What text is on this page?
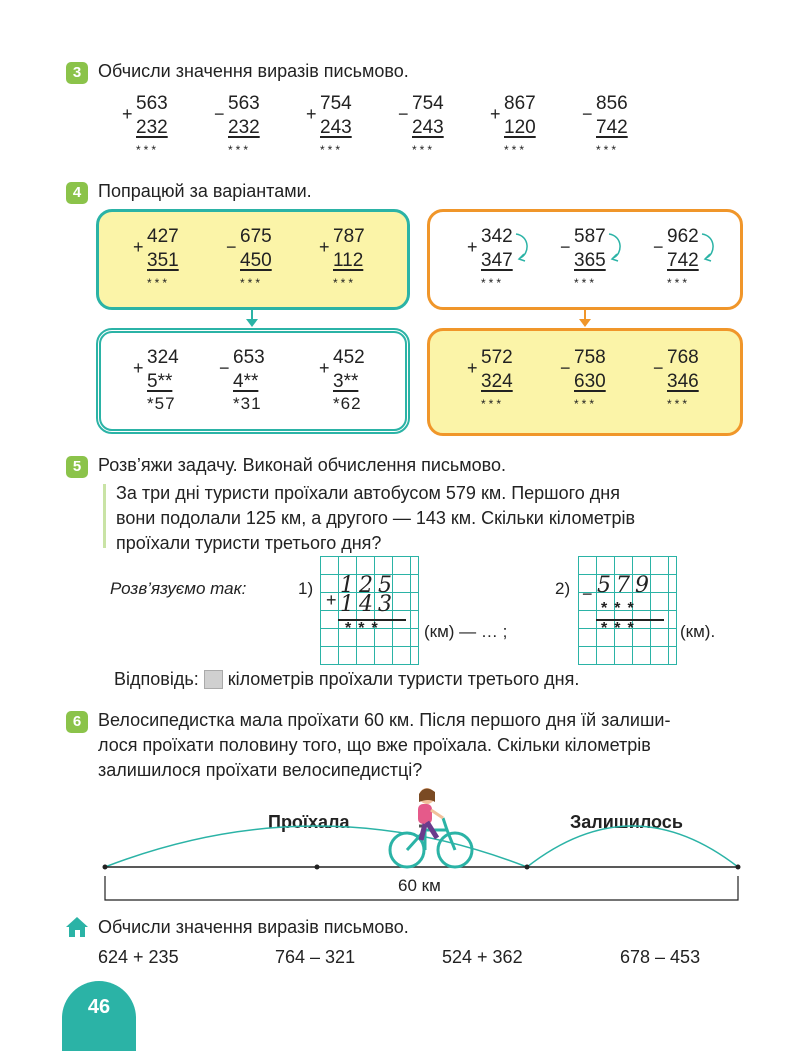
3 Обчисли значення виразів письмово.
+ 563
232
***
− 563
232
***
+ 754
243
***
− 754
243
***
+ 867
120
***
− 856
742
***
4 Попрацюй за варіантами.
+ 427
351
***
− 675
450
***
+ 787
112
***
+ 324
5**
*57
− 653
4**
*31
+ 452
3**
*62
+ 342
347
***
− 587
365
***
− 962
742
***
+ 572
324
***
− 758
630
***
− 768
346
***
5 Розв’яжи задачу. Виконай обчислення письмово.
За три дні туристи проїхали автобусом 579 км. Першого дня
вони подолали 125 км, а другого — 143 км. Скільки кілометрів
проїхали туристи третього дня?
Розв’язуємо так:	1)
+
125
143
*** (км) — … ;
2) − 579
***
*** (км).
Відповідь: кілометрів проїхали туристи третього дня.
6 Велосипедистка мала проїхати 60 км. Після першого дня їй залиши-
лося проїхати половину того, що вже проїхала. Скільки кілометрів
залишилося проїхати велосипедистці?
Проїхала	Залишилось
60 км
Обчисли значення виразів письмово.
624 + 235	764 – 321	524 + 362	678 – 453
46
